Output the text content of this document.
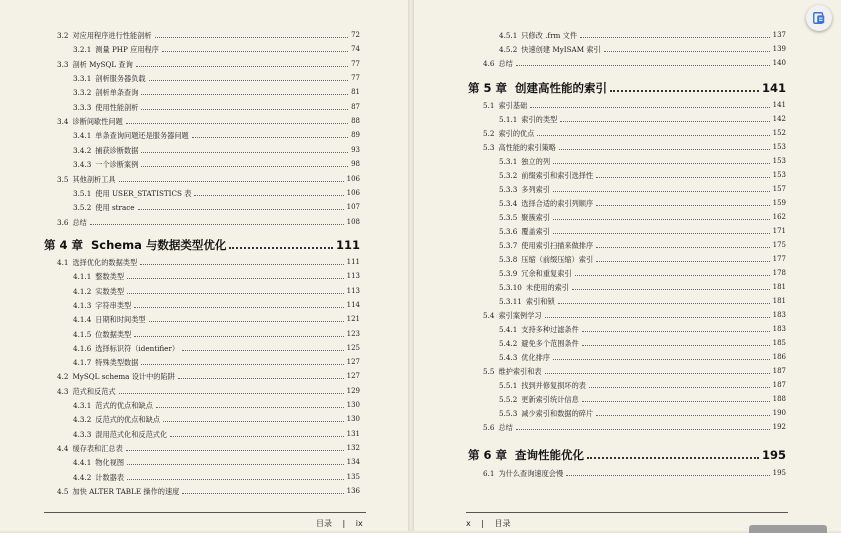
目录 | ix	x | 目录
3.2 对应用程序进行性能剖析	72
3.2.1 测量 PHP 应用程序	74
3.3 剖析 MySQL 查询	77
3.3.1 剖析服务器负载	77
3.3.2 剖析单条查询	81
3.3.3 使用性能剖析	87
3.4 诊断间歇性问题	88
3.4.1 单条查询问题还是服务器问题	89
3.4.2 捕获诊断数据	93
3.4.3 一个诊断案例	98
3.5 其他剖析工具	106
3.5.1 使用 USER_STATISTICS 表	106
3.5.2 使用 strace	107
3.6 总结	108
第 4 章 Schema 与数据类型优化	111
4.1 选择优化的数据类型	111
4.1.1 整数类型	113
4.1.2 实数类型	113
4.1.3 字符串类型	114
4.1.4 日期和时间类型	121
4.1.5 位数据类型	123
4.1.6 选择标识符（identifier）	125
4.1.7 特殊类型数据	127
4.2 MySQL schema 设计中的陷阱	127
4.3 范式和反范式	129
4.3.1 范式的优点和缺点	130
4.3.2 反范式的优点和缺点	130
4.3.3 混用范式化和反范式化	131
4.4 缓存表和汇总表	132
4.4.1 物化视图	134
4.4.2 计数器表	135
4.5 加快 ALTER TABLE 操作的速度	136
4.5.1 只修改 .frm 文件	137
4.5.2 快速创建 MyISAM 索引	139
4.6 总结	140
第 5 章 创建高性能的索引	141
5.1 索引基础	141
5.1.1 索引的类型	142
5.2 索引的优点	152
5.3 高性能的索引策略	153
5.3.1 独立的列	153
5.3.2 前缀索引和索引选择性	153
5.3.3 多列索引	157
5.3.4 选择合适的索引列顺序	159
5.3.5 聚簇索引	162
5.3.6 覆盖索引	171
5.3.7 使用索引扫描来做排序	175
5.3.8 压缩（前缀压缩）索引	177
5.3.9 冗余和重复索引	178
5.3.10 未使用的索引	181
5.3.11 索引和锁	181
5.4 索引案例学习	183
5.4.1 支持多种过滤条件	183
5.4.2 避免多个范围条件	185
5.4.3 优化排序	186
5.5 维护索引和表	187
5.5.1 找到并修复损坏的表	187
5.5.2 更新索引统计信息	188
5.5.3 减少索引和数据的碎片	190
5.6 总结	192
第 6 章 查询性能优化	195
6.1 为什么查询速度会慢	195
